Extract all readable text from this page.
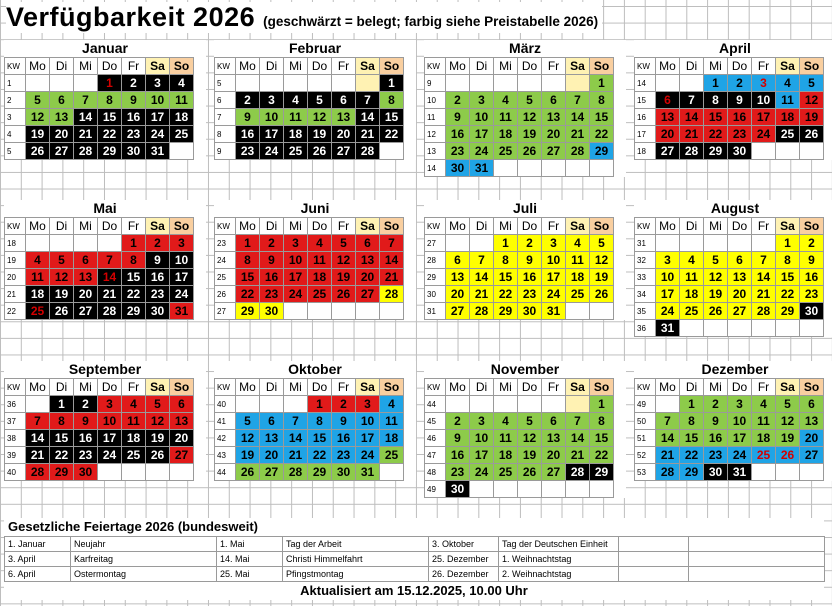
Verfügbarkeit 2026 (geschwärzt = belegt; farbig siehe Preistabelle 2026)
Januar
KW	Mo	Di	Mi	Do	Fr	Sa	So
1				1	2	3	4
2	5	6	7	8	9	10	11
3	12	13	14	15	16	17	18
4	19	20	21	22	23	24	25
5	26	27	28	29	30	31	
Februar
KW	Mo	Di	Mi	Do	Fr	Sa	So
5							1
6	2	3	4	5	6	7	8
7	9	10	11	12	13	14	15
8	16	17	18	19	20	21	22
9	23	24	25	26	27	28	
März
KW	Mo	Di	Mi	Do	Fr	Sa	So
9							1
10	2	3	4	5	6	7	8
11	9	10	11	12	13	14	15
12	16	17	18	19	20	21	22
13	23	24	25	26	27	28	29
14	30	31					
April
KW	Mo	Di	Mi	Do	Fr	Sa	So
14			1	2	3	4	5
15	6	7	8	9	10	11	12
16	13	14	15	16	17	18	19
17	20	21	22	23	24	25	26
18	27	28	29	30			
Mai
KW	Mo	Di	Mi	Do	Fr	Sa	So
18					1	2	3
19	4	5	6	7	8	9	10
20	11	12	13	14	15	16	17
21	18	19	20	21	22	23	24
22	25	26	27	28	29	30	31
Juni
KW	Mo	Di	Mi	Do	Fr	Sa	So
23	1	2	3	4	5	6	7
24	8	9	10	11	12	13	14
25	15	16	17	18	19	20	21
26	22	23	24	25	26	27	28
27	29	30					
Juli
KW	Mo	Di	Mi	Do	Fr	Sa	So
27			1	2	3	4	5
28	6	7	8	9	10	11	12
29	13	14	15	16	17	18	19
30	20	21	22	23	24	25	26
31	27	28	29	30	31		
August
KW	Mo	Di	Mi	Do	Fr	Sa	So
31						1	2
32	3	4	5	6	7	8	9
33	10	11	12	13	14	15	16
34	17	18	19	20	21	22	23
35	24	25	26	27	28	29	30
36	31						
September
KW	Mo	Di	Mi	Do	Fr	Sa	So
36		1	2	3	4	5	6
37	7	8	9	10	11	12	13
38	14	15	16	17	18	19	20
39	21	22	23	24	25	26	27
40	28	29	30				
Oktober
KW	Mo	Di	Mi	Do	Fr	Sa	So
40				1	2	3	4
41	5	6	7	8	9	10	11
42	12	13	14	15	16	17	18
43	19	20	21	22	23	24	25
44	26	27	28	29	30	31	
November
KW	Mo	Di	Mi	Do	Fr	Sa	So
44							1
45	2	3	4	5	6	7	8
46	9	10	11	12	13	14	15
47	16	17	18	19	20	21	22
48	23	24	25	26	27	28	29
49	30						
Dezember
KW	Mo	Di	Mi	Do	Fr	Sa	So
49		1	2	3	4	5	6
50	7	8	9	10	11	12	13
51	14	15	16	17	18	19	20
52	21	22	23	24	25	26	27
53	28	29	30	31			
Gesetzliche Feiertage 2026 (bundesweit)
1. Januar	Neujahr	1. Mai	Tag der Arbeit	3. Oktober	Tag der Deutschen Einheit		
3. April	Karfreitag	14. Mai	Christi Himmelfahrt	25. Dezember	1. Weihnachtstag		
6. April	Ostermontag	25. Mai	Pfingstmontag	26. Dezember	2. Weihnachtstag		
Aktualisiert am 15.12.2025, 10.00 Uhr
